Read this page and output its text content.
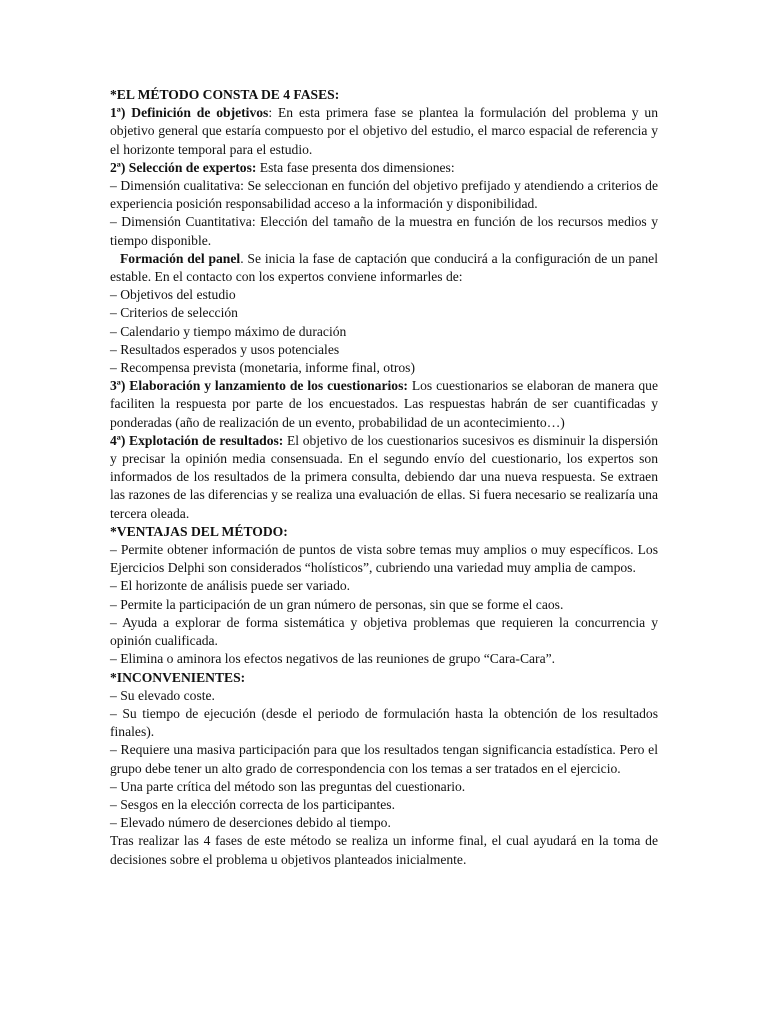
*EL MÉTODO CONSTA DE 4 FASES:

1ª) Definición de objetivos: En esta primera fase se plantea la formulación del problema y un objetivo general que estaría compuesto por el objetivo del estudio, el marco espacial de referencia y el horizonte temporal para el estudio.

2ª) Selección de expertos: Esta fase presenta dos dimensiones:

– Dimensión cualitativa: Se seleccionan en función del objetivo prefijado y atendiendo a criterios de experiencia posición responsabilidad acceso a la información y disponibilidad.

– Dimensión Cuantitativa: Elección del tamaño de la muestra en función de los recursos medios y tiempo disponible.

Formación del panel. Se inicia la fase de captación que conducirá a la configuración de un panel estable. En el contacto con los expertos conviene informarles de:

– Objetivos del estudio

– Criterios de selección

– Calendario y tiempo máximo de duración

– Resultados esperados y usos potenciales

– Recompensa prevista (monetaria, informe final, otros)

3ª) Elaboración y lanzamiento de los cuestionarios: Los cuestionarios se elaboran de manera que faciliten la respuesta por parte de los encuestados. Las respuestas habrán de ser cuantificadas y ponderadas (año de realización de un evento, probabilidad de un acontecimiento…)

4ª) Explotación de resultados: El objetivo de los cuestionarios sucesivos es disminuir la dispersión y precisar la opinión media consensuada. En el segundo envío del cuestionario, los expertos son informados de los resultados de la primera consulta, debiendo dar una nueva respuesta. Se extraen las razones de las diferencias y se realiza una evaluación de ellas. Si fuera necesario se realizaría una tercera oleada.

*VENTAJAS DEL MÉTODO:

– Permite obtener información de puntos de vista sobre temas muy amplios o muy específicos. Los Ejercicios Delphi son considerados “holísticos”, cubriendo una variedad muy amplia de campos.

– El horizonte de análisis puede ser variado.

– Permite la participación de un gran número de personas, sin que se forme el caos.

– Ayuda a explorar de forma sistemática y objetiva problemas que requieren la concurrencia y opinión cualificada.

– Elimina o aminora los efectos negativos de las reuniones de grupo “Cara-Cara”.

*INCONVENIENTES:

– Su elevado coste.

– Su tiempo de ejecución (desde el periodo de formulación hasta la obtención de los resultados finales).

– Requiere una masiva participación para que los resultados tengan significancia estadística. Pero el grupo debe tener un alto grado de correspondencia con los temas a ser tratados en el ejercicio.

– Una parte crítica del método son las preguntas del cuestionario.

– Sesgos en la elección correcta de los participantes.

– Elevado número de deserciones debido al tiempo.

Tras realizar las 4 fases de este método se realiza un informe final, el cual ayudará en la toma de decisiones sobre el problema u objetivos planteados inicialmente.
